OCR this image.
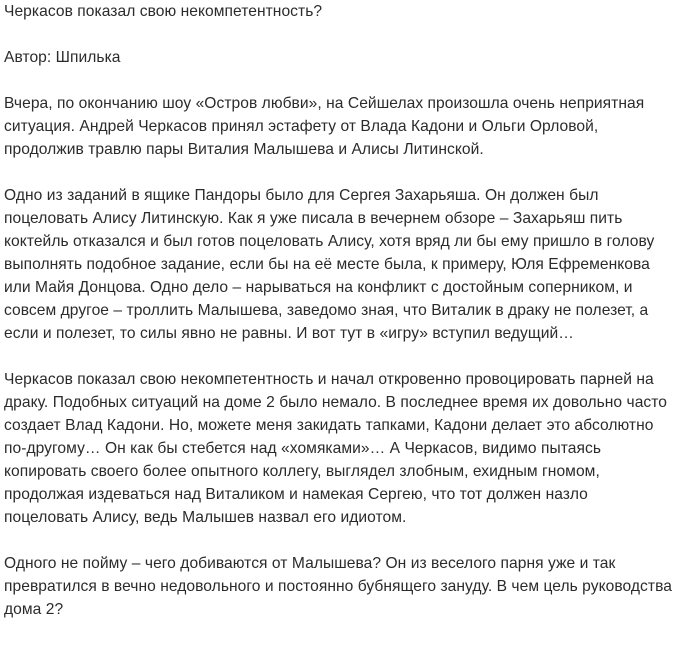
Черкасов показал свою некомпетентность?

Автор: Шпилька

Вчера, по окончанию шоу «Остров любви», на Сейшелах произошла очень неприятная ситуация. Андрей Черкасов принял эстафету от Влада Кадони и Ольги Орловой, продолжив травлю пары Виталия Малышева и Алисы Литинской.

Одно из заданий в ящике Пандоры было для Сергея Захарьяша. Он должен был поцеловать Алису Литинскую. Как я уже писала в вечернем обзоре – Захарьяш пить коктейль отказался и был готов поцеловать Алису, хотя вряд ли бы ему пришло в голову выполнять подобное задание, если бы на её месте была, к примеру, Юля Ефременкова или Майя Донцова. Одно дело – нарываться на конфликт с достойным соперником, и совсем другое – троллить Малышева, заведомо зная, что Виталик в драку не полезет, а если и полезет, то силы явно не равны. И вот тут в «игру» вступил ведущий…

Черкасов показал свою некомпетентность и начал откровенно провоцировать парней на драку. Подобных ситуаций на доме 2 было немало. В последнее время их довольно часто создает Влад Кадони. Но, можете меня закидать тапками, Кадони делает это абсолютно по-другому… Он как бы стебется над «хомяками»… А Черкасов, видимо пытаясь копировать своего более опытного коллегу, выглядел злобным, ехидным гномом, продолжая издеваться над Виталиком и намекая Сергею, что тот должен назло поцеловать Алису, ведь Малышев назвал его идиотом.

Одного не пойму – чего добиваются от Малышева? Он из веселого парня уже и так превратился в вечно недовольного и постоянно бубнящего зануду. В чем цель руководства дома 2?
